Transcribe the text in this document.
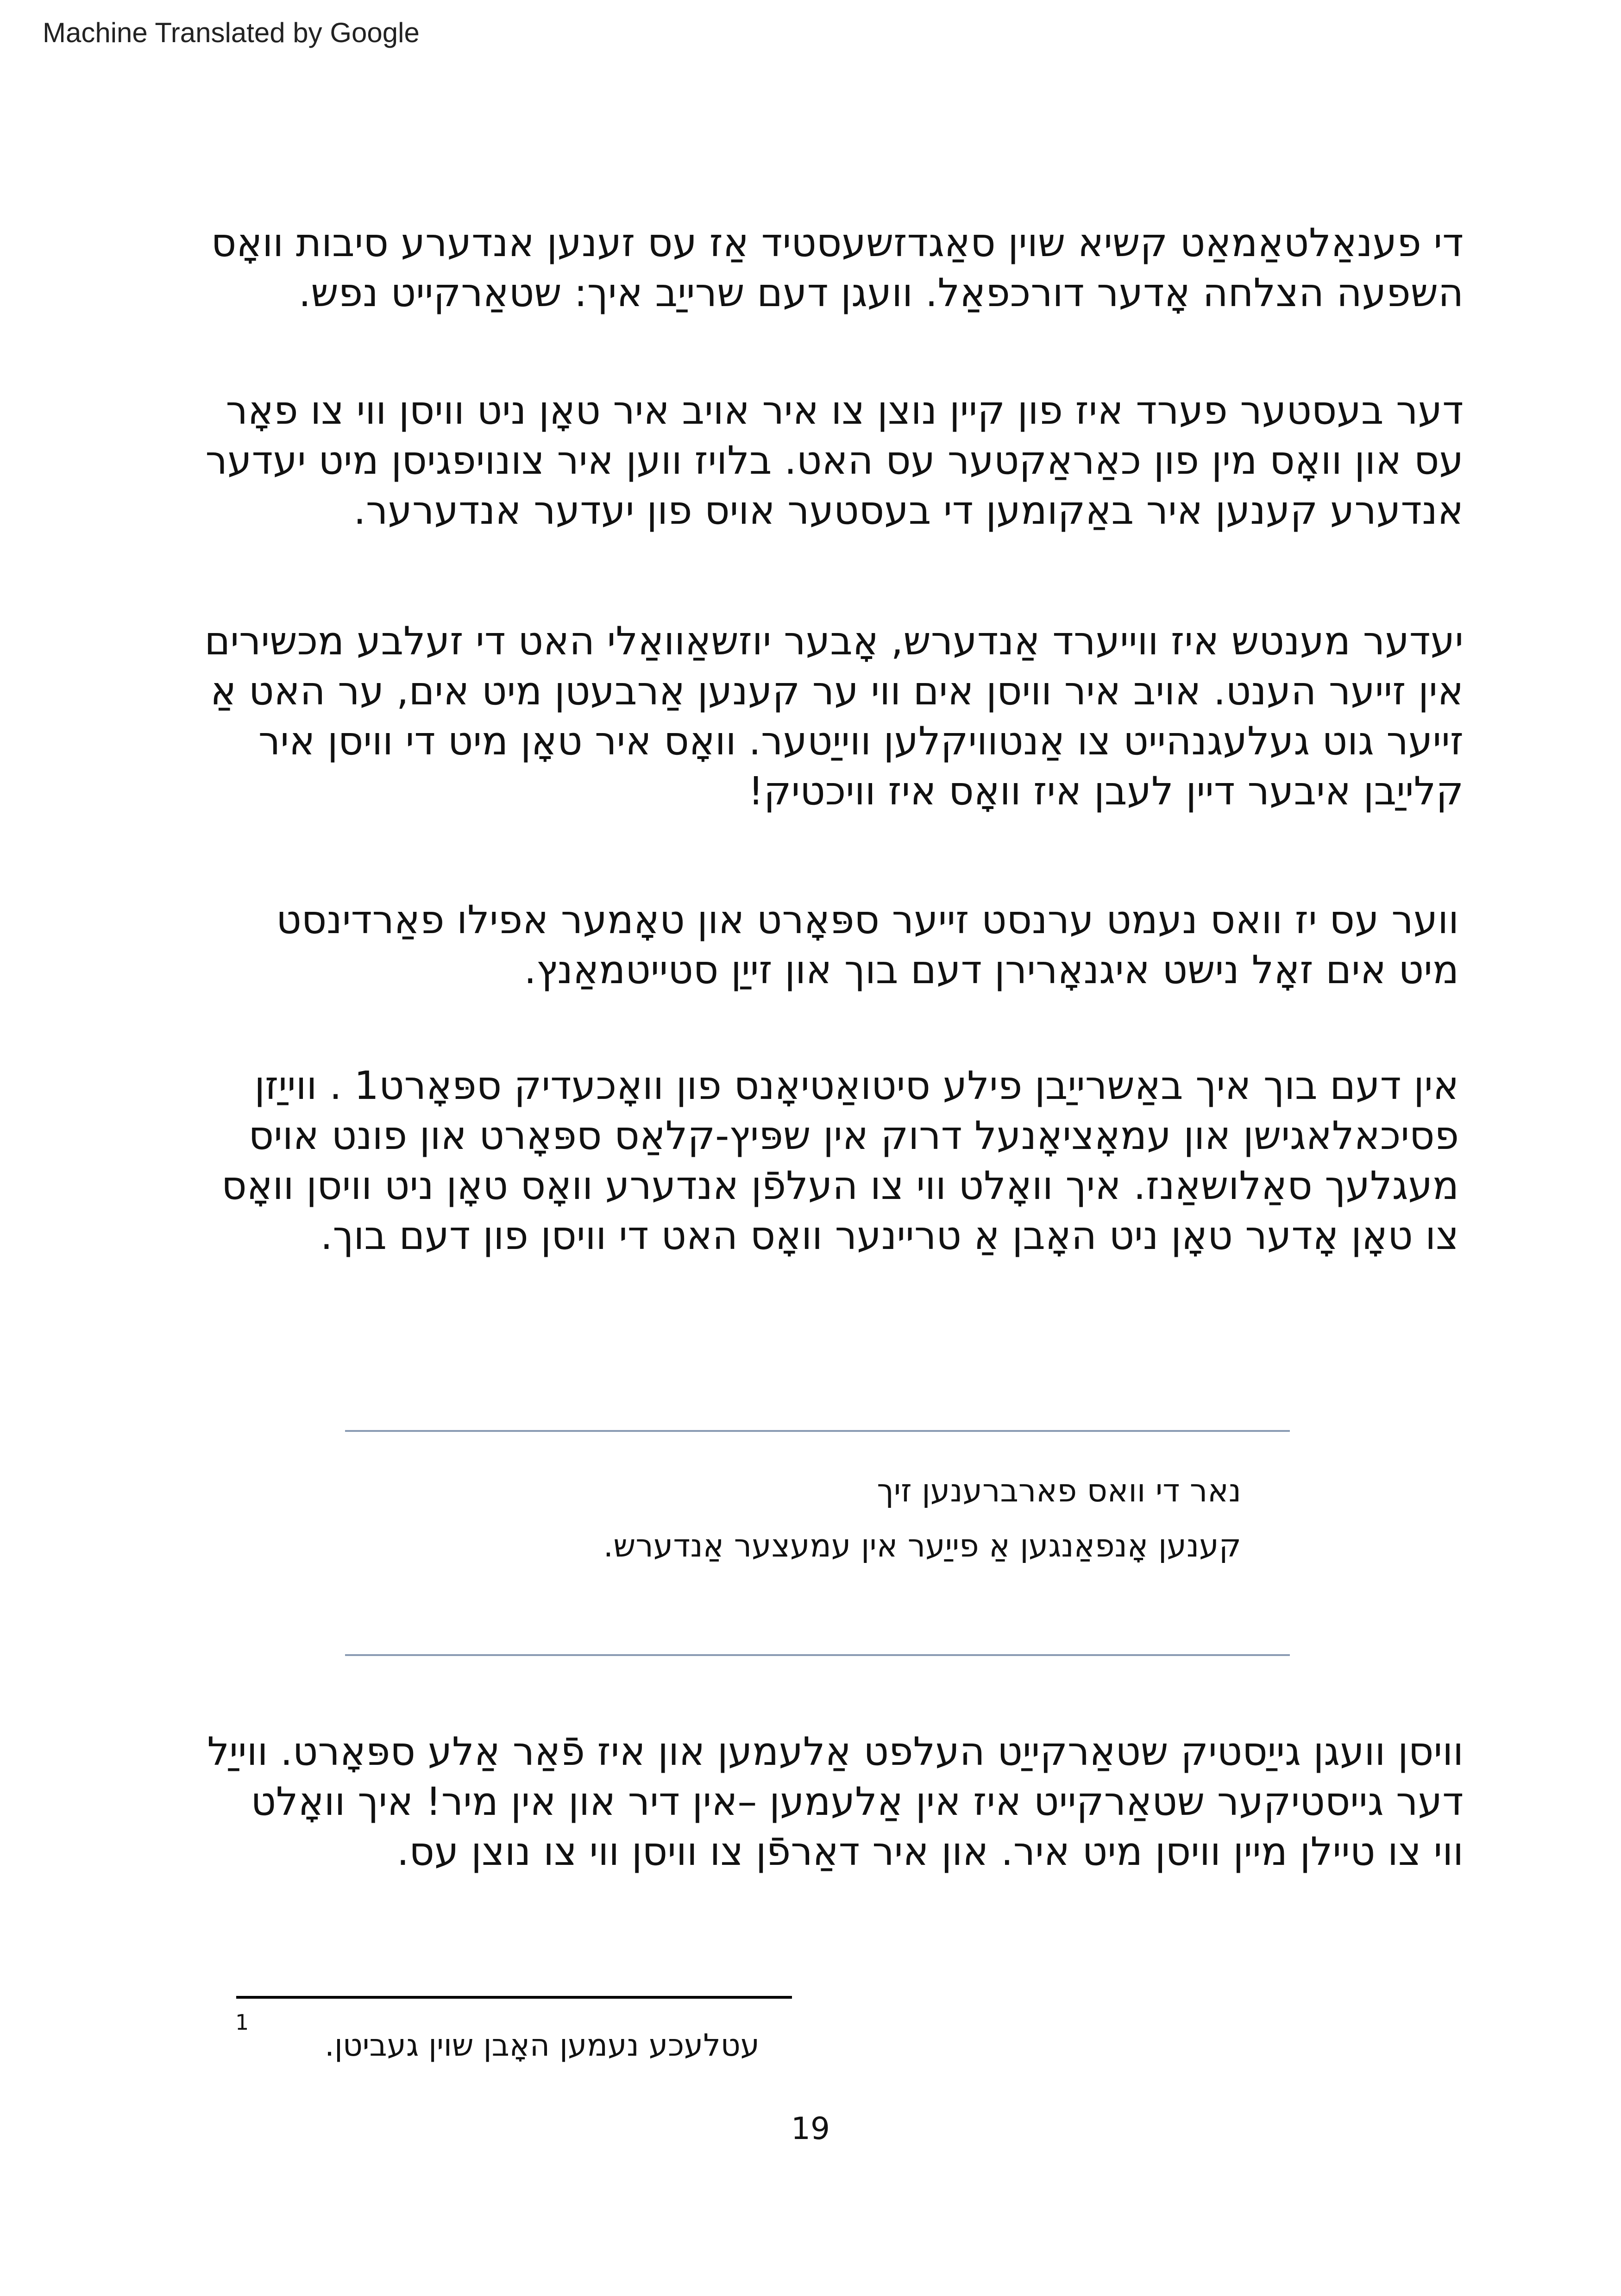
Machine Translated by Google
די פענאַלטאַמאַט קשיא שוין סאַגדזשעסטיד אַז עס זענען אנדערע סיבות וואָס
השפעה הצלחה אָדער דורכפאַל. וועגן דעם שרייַב איך: שטאַרקייט נפש.
דער בעסטער פערד איז פון קיין נוצן צו איר אויב איר טאָן ניט וויסן ווי צו פאָר
עס און וואָס מין פון כאַראַקטער עס האט. בלויז ווען איר צונויפגיסן מיט יעדער
אנדערע קענען איר באַקומען די בעסטער אויס פון יעדער אנדערער.
יעדער מענטש איז ווייערד אַנדערש, אָבער יוזשאַוואַלי האט די זעלבע מכשירים
אין זייער הענט. אויב איר וויסן אים ווי ער קענען אַרבעטן מיט אים, ער האט אַ
זייער גוט געלעגנהייט צו אַנטוויקלען ווייַטער. וואָס איר טאָן מיט די וויסן איר
קלייַבן איבער דיין לעבן איז וואָס איז וויכטיק!
ווער עס יז וואס נעמט ערנסט זייער ספּאָרט און טאָמער אפילו פאַרדינסט
מיט אים זאָל נישט איגנאָרירן דעם בוך און זייַן סטייטמאַנץ.
אין דעם בוך איך באַשרייַבן פילע סיטואַטיאָנס פון וואָכעדיק ספּאָרט1 . ווייַזן
פסיכאלאגישן און עמאָציאָנעל דרוק אין שפּיץ-קלאַס ספּאָרט און פונט אויס
מעגלעך סאַלושאַנז. איך וואָלט ווי צו העלפֿן אנדערע וואָס טאָן ניט וויסן וואָס
צו טאָן אָדער טאָן ניט האָבן אַ טריינער וואָס האט די וויסן פון דעם בוך.
נאר די וואס פארברענען זיך
קענען אָנפאַנגען אַ פייַער אין עמעצער אַנדערש.
וויסן וועגן גייַסטיק שטאַרקייַט העלפט אַלעמען און איז פֿאַר אַלע ספּאָרט. ווייַל
דער גייסטיקער שטאַרקייט איז אין אַלעמען –אין דיר און אין מיר! איך וואָלט
ווי צו טיילן מיין וויסן מיט איר. און איר דאַרפֿן צו וויסן ווי צו נוצן עס.
1
עטלעכע נעמען האָבן שוין געביטן.
19
